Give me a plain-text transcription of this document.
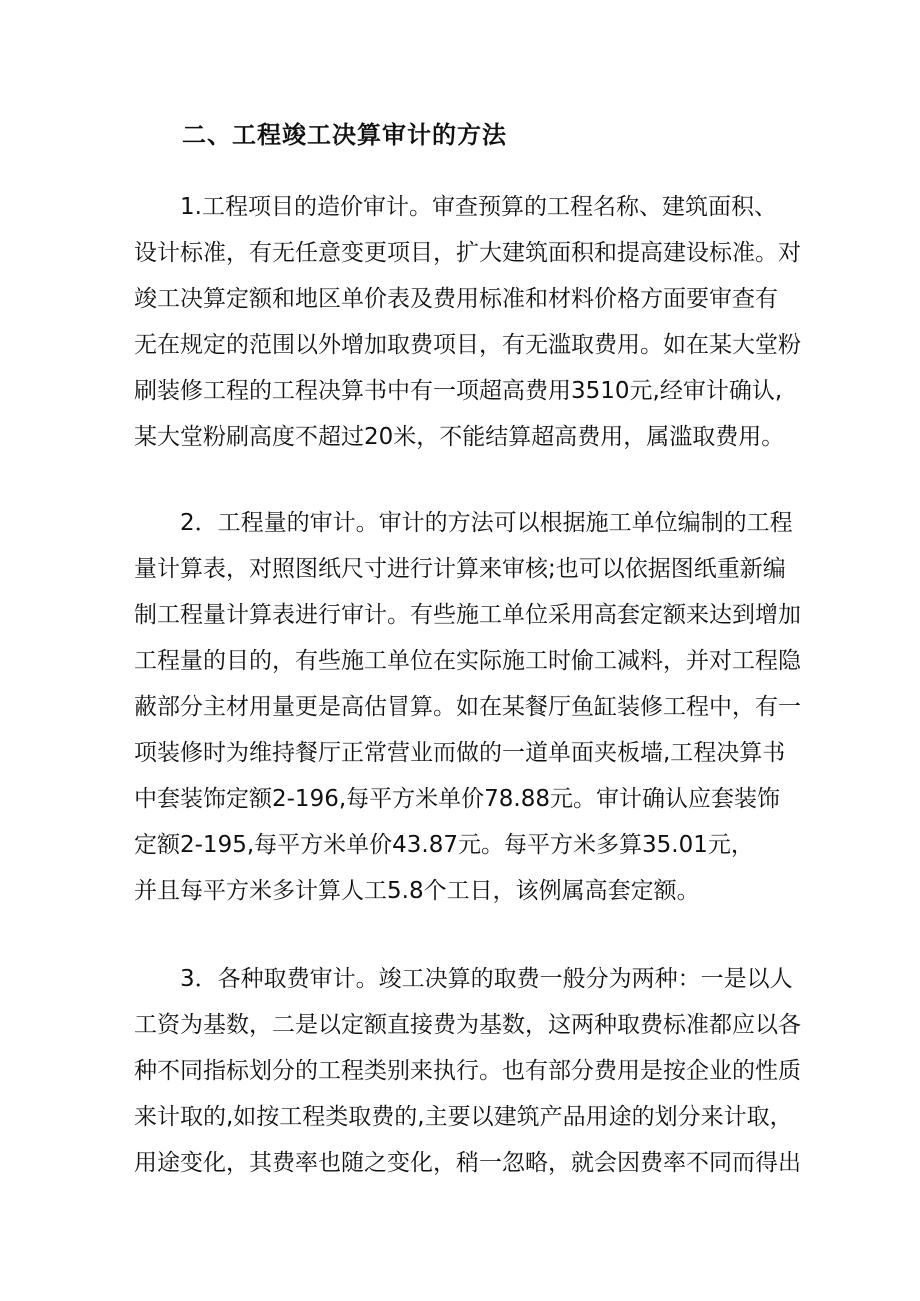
二、工程竣工决算审计的方法
1.工程项目的造价审计。审查预算的工程名称、建筑面积、
设计标准，有无任意变更项目，扩大建筑面积和提高建设标准。对
竣工决算定额和地区单价表及费用标准和材料价格方面要审查有
无在规定的范围以外增加取费项目，有无滥取费用。如在某大堂粉
刷装修工程的工程决算书中有一项超高费用3510元,经审计确认,
某大堂粉刷高度不超过20米，不能结算超高费用，属滥取费用。
2．工程量的审计。审计的方法可以根据施工单位编制的工程
量计算表，对照图纸尺寸进行计算来审核;也可以依据图纸重新编
制工程量计算表进行审计。有些施工单位采用高套定额来达到增加
工程量的目的，有些施工单位在实际施工时偷工减料，并对工程隐
蔽部分主材用量更是高估冒算。如在某餐厅鱼缸装修工程中，有一
项装修时为维持餐厅正常营业而做的一道单面夹板墙,工程决算书
中套装饰定额2-196,每平方米单价78.88元。审计确认应套装饰
定额2-195,每平方米单价43.87元。每平方米多算35.01元，
并且每平方米多计算人工5.8个工日，该例属高套定额。
3．各种取费审计。竣工决算的取费一般分为两种：一是以人
工资为基数，二是以定额直接费为基数，这两种取费标准都应以各
种不同指标划分的工程类别来执行。也有部分费用是按企业的性质
来计取的,如按工程类取费的,主要以建筑产品用途的划分来计取，
用途变化，其费率也随之变化，稍一忽略，就会因费率不同而得出
